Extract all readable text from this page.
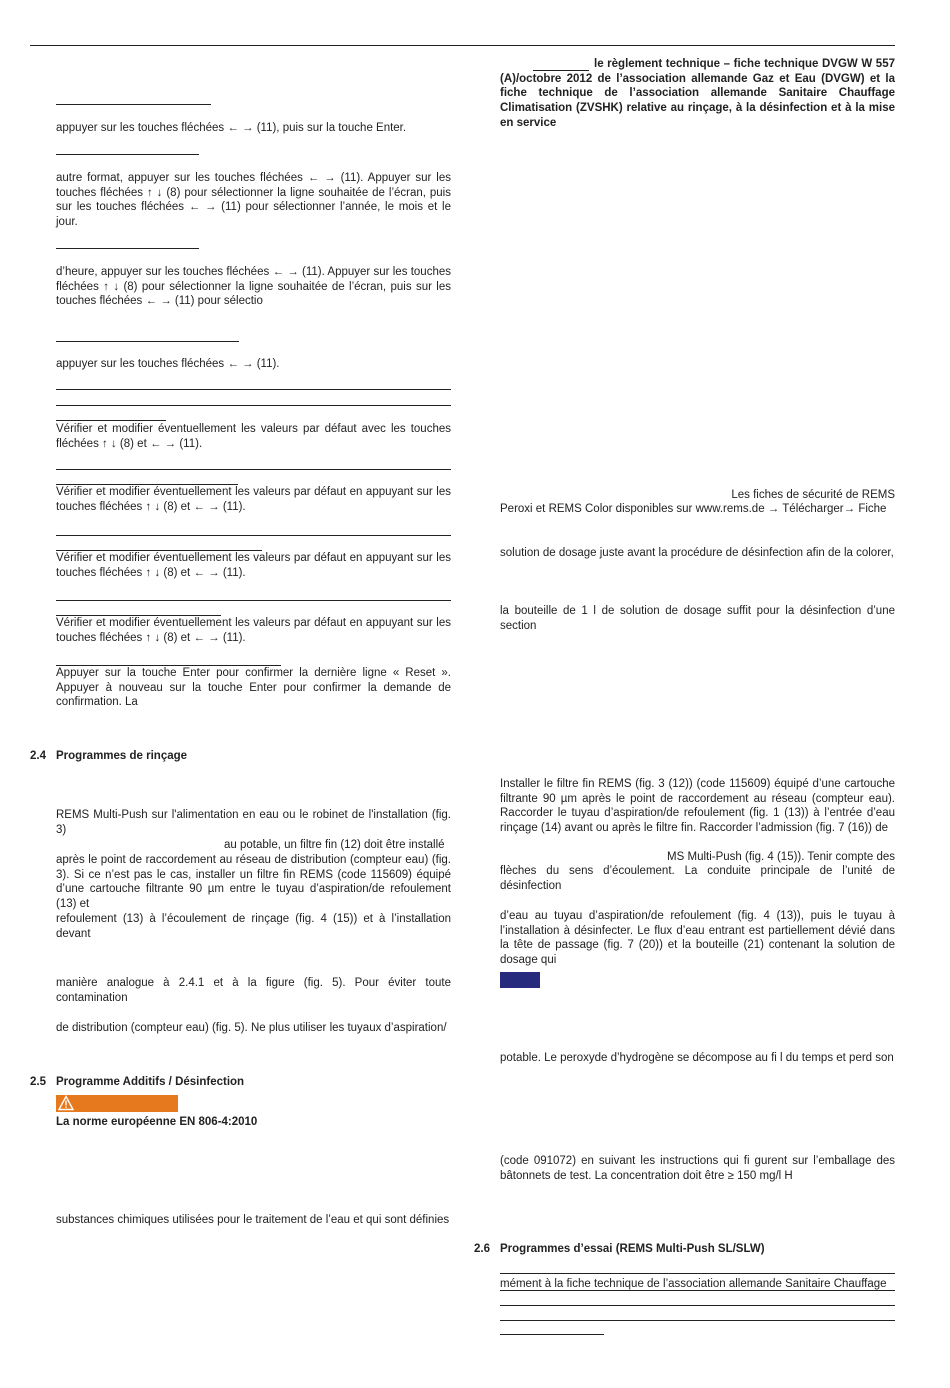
appuyer sur les touches fléchées ← → (11), puis sur la touche Enter.
autre format, appuyer sur les touches fléchées ← → (11). Appuyer sur les touches fléchées ↑ ↓ (8) pour sélectionner la ligne souhaitée de l’écran, puis sur les touches fléchées ← → (11) pour sélectionner l’année, le mois et le jour.
d’heure, appuyer sur les touches fléchées ← → (11). Appuyer sur les touches fléchées ↑ ↓ (8) pour sélectionner la ligne souhaitée de l’écran, puis sur les touches fléchées ← → (11) pour sélectio
appuyer sur les touches fléchées ← → (11).
Vérifier et modifier éventuellement les valeurs par défaut avec les touches fléchées ↑ ↓ (8) et ← → (11).
Vérifier et modifier éventuellement les valeurs par défaut en appuyant sur les touches fléchées ↑ ↓ (8) et ← → (11).
Vérifier et modifier éventuellement les valeurs par défaut en appuyant sur les touches fléchées ↑ ↓ (8) et ← → (11).
Vérifier et modifier éventuellement les valeurs par défaut en appuyant sur les touches fléchées ↑ ↓ (8) et ← → (11).
Appuyer sur la touche Enter pour confirmer la dernière ligne « Reset ». Appuyer à nouveau sur la touche Enter pour confirmer la demande de confirmation. La
2.4 Programmes de rinçage
REMS Multi-Push sur l'alimentation en eau ou le robinet de l'installation (fig. 3)
au potable, un filtre fin (12) doit être installé
après le point de raccordement au réseau de distribution (compteur eau) (fig. 3). Si ce n’est pas le cas, installer un filtre fin REMS (code 115609) équipé d’une cartouche filtrante 90 µm entre le tuyau d’aspiration/de refoulement (13) et
refoulement (13) à l’écoulement de rinçage (fig. 4 (15)) et à l’installation devant
manière analogue à 2.4.1 et à la figure (fig. 5). Pour éviter toute contamination
de distribution (compteur eau) (fig. 5). Ne plus utiliser les tuyaux d’aspiration/
2.5 Programme Additifs / Désinfection
La norme européenne EN 806-4:2010
substances chimiques utilisées pour le traitement de l’eau et qui sont définies
le règlement technique – fiche technique DVGW W 557 (A)/octobre 2012 de l’association allemande Gaz et Eau (DVGW) et la fiche technique de l’association allemande Sanitaire Chauffage Climatisation (ZVSHK) relative au rinçage, à la désinfection et à la mise en service
Les fiches de sécurité de REMS
Peroxi et REMS Color disponibles sur www.rems.de → Télécharger→ Fiche
solution de dosage juste avant la procédure de désinfection afin de la colorer,
la bouteille de 1 l de solution de dosage suffit pour la désinfection d’une section
Installer le filtre fin REMS (fig. 3 (12)) (code 115609) équipé d’une cartouche filtrante 90 µm après le point de raccordement au réseau (compteur eau). Raccorder le tuyau d’aspiration/de refoulement (fig. 1 (13)) à l’entrée d’eau rinçage (14) avant ou après le filtre fin. Raccorder l’admission (fig. 7 (16)) de
MS Multi-Push (fig. 4 (15)). Tenir compte des
flèches du sens d’écoulement. La conduite principale de l’unité de désinfection
d’eau au tuyau d’aspiration/de refoulement (fig. 4 (13)), puis le tuyau à l’installation à désinfecter. Le flux d’eau entrant est partiellement dévié dans la tête de passage (fig. 7 (20)) et la bouteille (21) contenant la solution de dosage qui
potable. Le peroxyde d’hydrogène se décompose au fi l du temps et perd son
(code 091072) en suivant les instructions qui fi gurent sur l’emballage des bâtonnets de test. La concentration doit être ≥ 150 mg/l H
2.6 Programmes d’essai (REMS Multi-Push SL/SLW)
mément à la fiche technique de l’association allemande Sanitaire Chauffage
